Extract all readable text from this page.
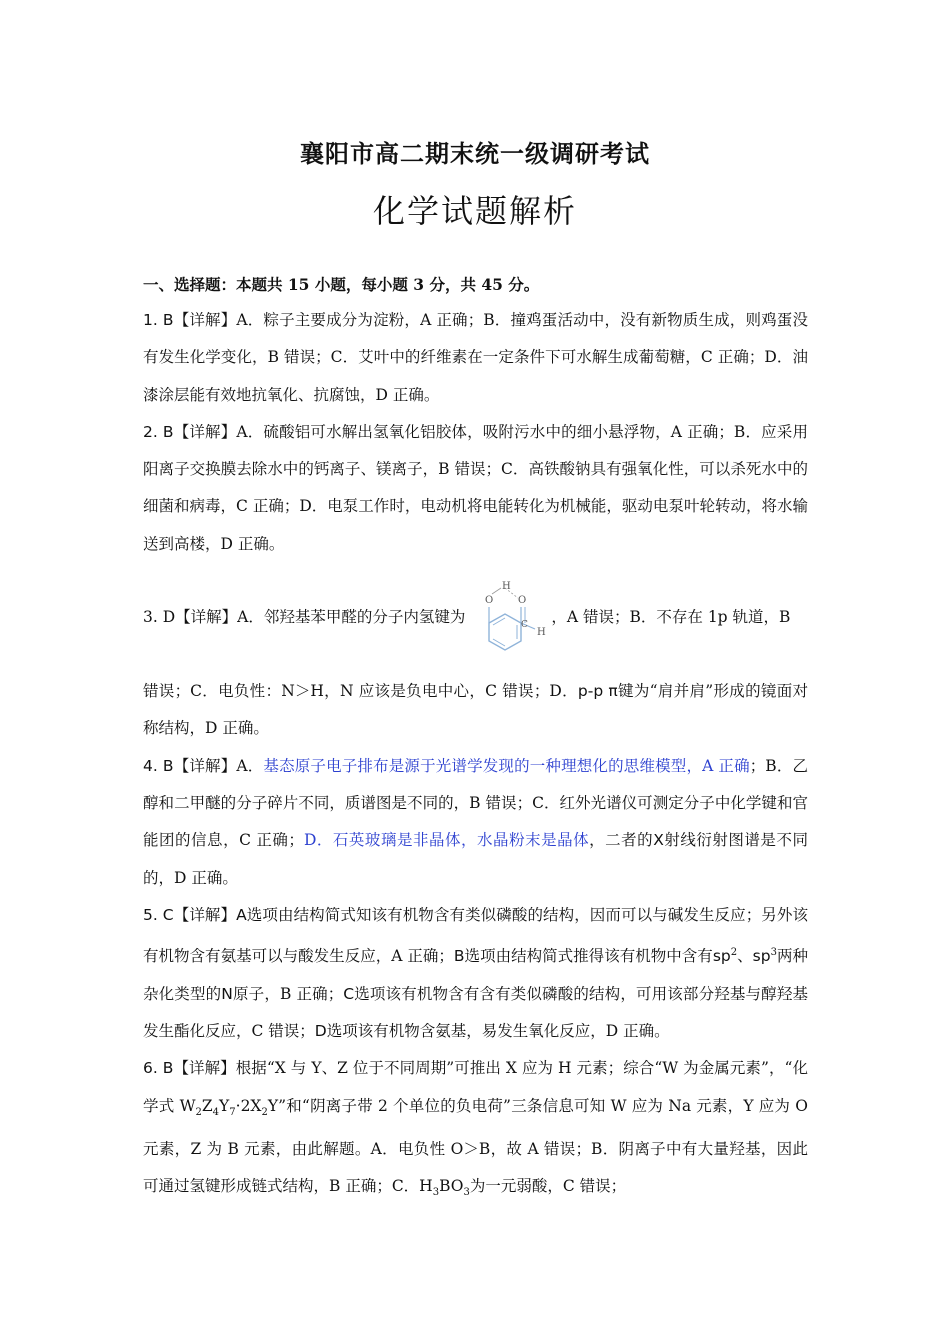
襄阳市高二期末统一级调研考试
化学试题解析
一、选择题：本题共 15 小题，每小题 3 分，共 45 分。

1. B【详解】A．粽子主要成分为淀粉，A 正确；B．撞鸡蛋活动中，没有新物质生成，则鸡蛋没有发生化学变化，B 错误；C．艾叶中的纤维素在一定条件下可水解生成葡萄糖，C 正确；D．油漆涂层能有效地抗氧化、抗腐蚀，D 正确。

2. B【详解】A．硫酸铝可水解出氢氧化铝胶体，吸附污水中的细小悬浮物，A 正确；B．应采用阳离子交换膜去除水中的钙离子、镁离子，B 错误；C．高铁酸钠具有强氧化性，可以杀死水中的细菌和病毒，C 正确；D．电泵工作时，电动机将电能转化为机械能，驱动电泵叶轮转动，将水输送到高楼，D 正确。

3. D 【详解】 A．邻羟基苯甲醛的分子内氢键为
H
O O
C
H
，A 错误；B．不存在 1p 轨道，B
错误；C．电负性：N＞H，N 应该是负电中心，C 错误；D．p-p π键为“肩并肩”形成的镜面对称结构，D 正确。

4. B【详解】A．基态原子电子排布是源于光谱学发现的一种理想化的思维模型，A 正确；B．乙醇和二甲醚的分子碎片不同，质谱图是不同的，B 错误；C．红外光谱仪可测定分子中化学键和官能团的信息，C 正确；D．石英玻璃是非晶体，水晶粉末是晶体，二者的X射线衍射图谱是不同的，D 正确。

5. C【详解】A选项由结构简式知该有机物含有类似磷酸的结构，因而可以与碱发生反应；另外该有机物含有氨基可以与酸发生反应，A 正确；B选项由结构简式推得该有机物中含有$sp^2$、$sp^3$两种杂化类型的N原子，B 正确；C选项该有机物含有含有类似磷酸的结构，可用该部分羟基与醇羟基发生酯化反应，C 错误；D选项该有机物含氨基，易发生氧化反应，D 正确。

6. B【详解】根据“X 与 Y、Z 位于不同周期”可推出 X 应为 H 元素；综合“W 为金属元素”，“化学式 $W_2Z_4Y_7\cdot 2X_2Y$”和“阴离子带 2 个单位的负电荷”三条信息可知 W 应为 Na 元素，Y 应为 O 元素，Z 为 B 元素，由此解题。A．电负性 O＞B，故 A 错误；B．阴离子中有大量羟基，因此可通过氢键形成链式结构，B 正确；C．$H_3BO_3$为一元弱酸，C 错误；
